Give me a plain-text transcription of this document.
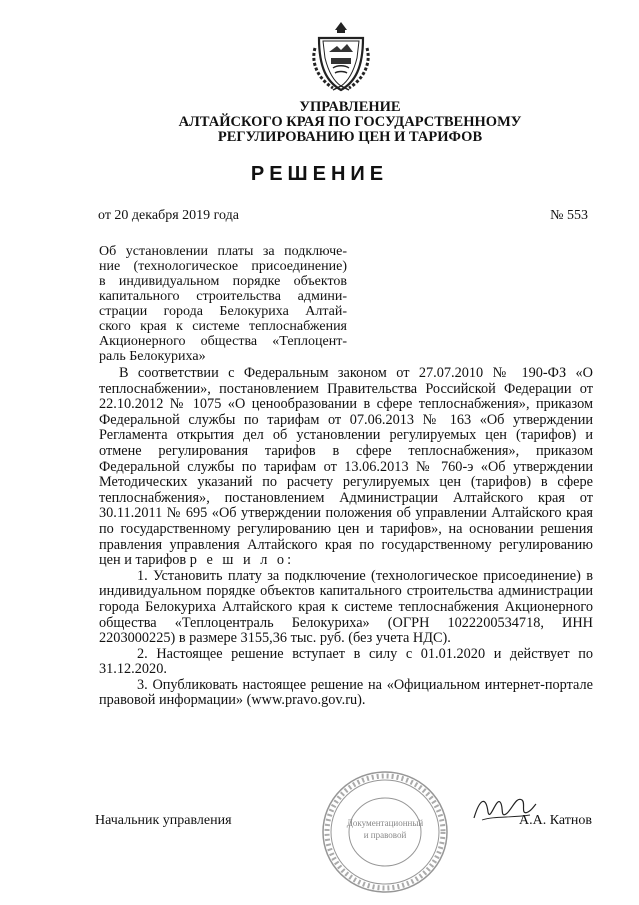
УПРАВЛЕНИЕ
АЛТАЙСКОГО КРАЯ ПО ГОСУДАРСТВЕННОМУ
РЕГУЛИРОВАНИЮ ЦЕН И ТАРИФОВ
РЕШЕНИЕ
от 20 декабря 2019 года	№ 553
Об установлении платы за подключе-
ние (технологическое присоединение)
в индивидуальном порядке объектов
капитального строительства админи-
страции города Белокуриха Алтай-
ского края к системе теплоснабжения
Акционерного общества «Теплоцент-
раль Белокуриха»

В соответствии с Федеральным законом от 27.07.2010 № 190-ФЗ «О теплоснабжении», постановлением Правительства Российской Федерации от 22.10.2012 № 1075 «О ценообразовании в сфере теплоснабжения», приказом Федеральной службы по тарифам от 07.06.2013 № 163 «Об утверждении Регламента открытия дел об установлении регулируемых цен (тарифов) и отмене регулирования тарифов в сфере теплоснабжения», приказом Федеральной службы по тарифам от 13.06.2013 № 760-э «Об утверждении Методических указаний по расчету регулируемых цен (тарифов) в сфере теплоснабжения», постановлением Администрации Алтайского края от 30.11.2011 № 695 «Об утверждении положения об управлении Алтайского края по государственному регулированию цен и тарифов», на основании решения правления управления Алтайского края по государственному регулированию цен и тарифов р е ш и л о:

1. Установить плату за подключение (технологическое присоединение) в индивидуальном порядке объектов капитального строительства администрации города Белокуриха Алтайского края к системе теплоснабжения Акционерного общества «Теплоцентраль Белокуриха» (ОГРН 1022200534718, ИНН 2203000225) в размере 3155,36 тыс. руб. (без учета НДС).

2. Настоящее решение вступает в силу с 01.01.2020 и действует по 31.12.2020.

3. Опубликовать настоящее решение на «Официальном интернет-портале правовой информации» (www.pravo.gov.ru).

Начальник управления	Документационный
и правовой
А.А. Катнов
